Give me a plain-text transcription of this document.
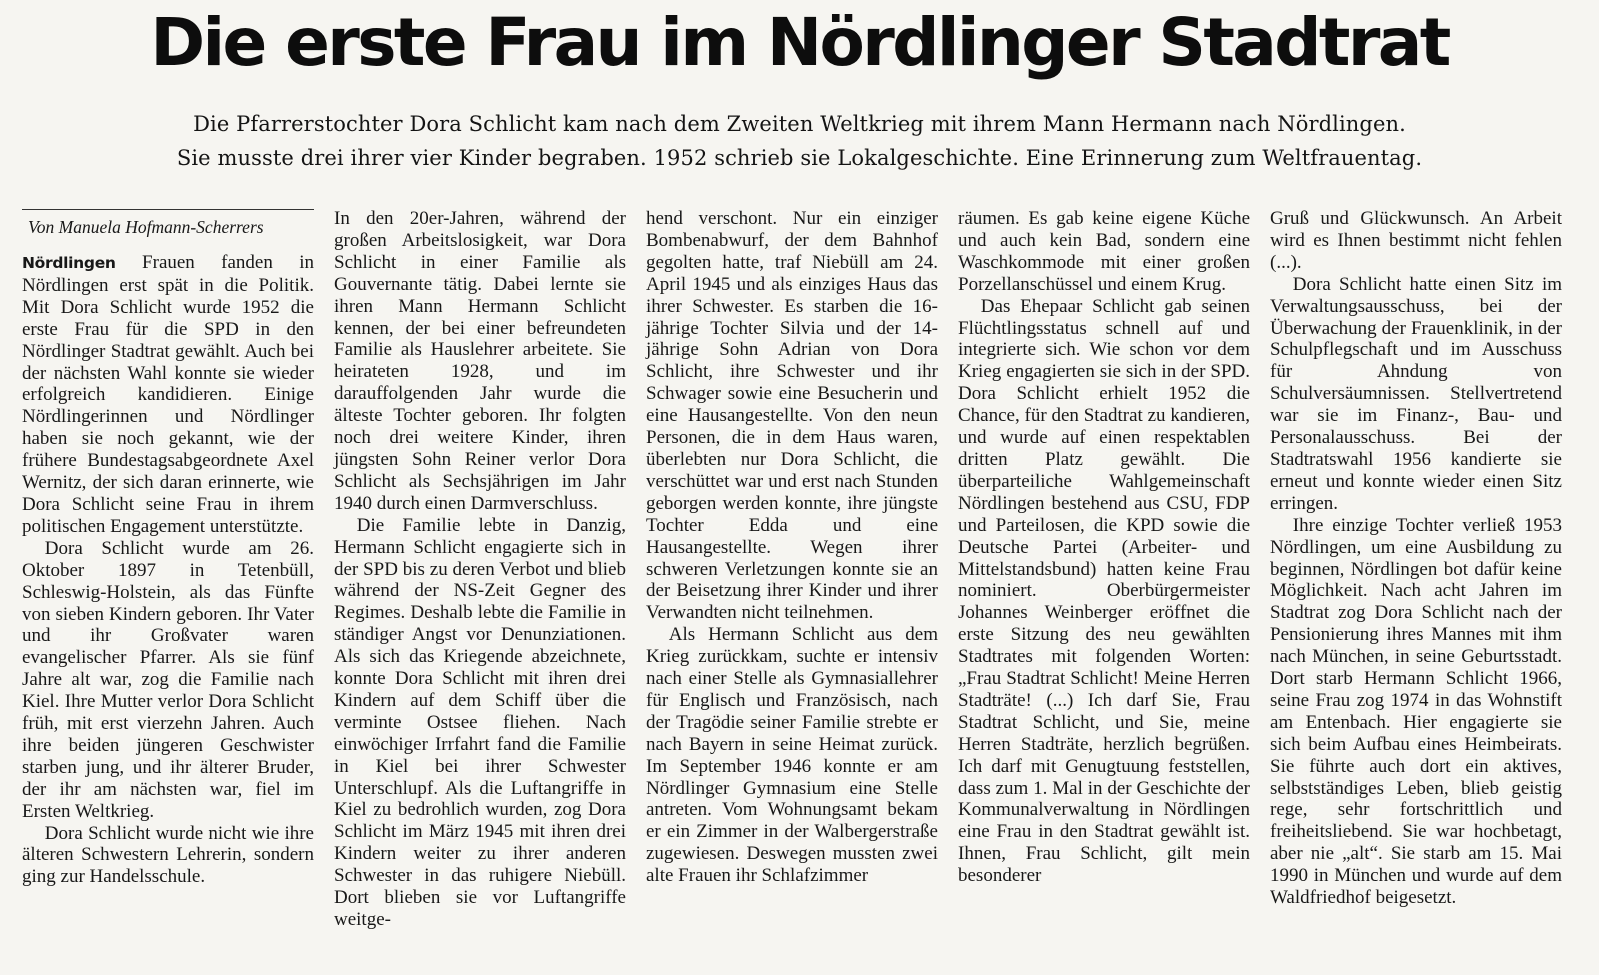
Die erste Frau im Nördlinger Stadtrat

Die Pfarrerstochter Dora Schlicht kam nach dem Zweiten Weltkrieg mit ihrem Mann Hermann nach Nördlingen.

Sie musste drei ihrer vier Kinder begraben. 1952 schrieb sie Lokalgeschichte. Eine Erinnerung zum Weltfrauentag.

Von Manuela Hofmann-Scherrers

Nördlingen Frauen fanden in Nördlingen erst spät in die Politik. Mit Dora Schlicht wurde 1952 die erste Frau für die SPD in den Nördlinger Stadtrat gewählt. Auch bei der nächsten Wahl konnte sie wieder erfolgreich kandidieren. Einige Nördlingerinnen und Nördlinger haben sie noch gekannt, wie der frühere Bundestagsabgeordnete Axel Wernitz, der sich daran erinnerte, wie Dora Schlicht seine Frau in ihrem politischen Engagement unterstützte.

Dora Schlicht wurde am 26. Oktober 1897 in Tetenbüll, Schleswig-Holstein, als das Fünfte von sieben Kindern geboren. Ihr Vater und ihr Großvater waren evangelischer Pfarrer. Als sie fünf Jahre alt war, zog die Familie nach Kiel. Ihre Mutter verlor Dora Schlicht früh, mit erst vierzehn Jahren. Auch ihre beiden jüngeren Geschwister starben jung, und ihr älterer Bruder, der ihr am nächsten war, fiel im Ersten Weltkrieg.

Dora Schlicht wurde nicht wie ihre älteren Schwestern Lehrerin, sondern ging zur Handelsschule.

In den 20er-Jahren, während der großen Arbeitslosigkeit, war Dora Schlicht in einer Familie als Gouvernante tätig. Dabei lernte sie ihren Mann Hermann Schlicht kennen, der bei einer befreundeten Familie als Hauslehrer arbeitete. Sie heirateten 1928, und im darauffolgenden Jahr wurde die älteste Tochter geboren. Ihr folgten noch drei weitere Kinder, ihren jüngsten Sohn Reiner verlor Dora Schlicht als Sechsjährigen im Jahr 1940 durch einen Darmverschluss.

Die Familie lebte in Danzig, Hermann Schlicht engagierte sich in der SPD bis zu deren Verbot und blieb während der NS-Zeit Gegner des Regimes. Deshalb lebte die Familie in ständiger Angst vor Denunziationen. Als sich das Kriegende abzeichnete, konnte Dora Schlicht mit ihren drei Kindern auf dem Schiff über die verminte Ostsee fliehen. Nach einwöchiger Irrfahrt fand die Familie in Kiel bei ihrer Schwester Unterschlupf. Als die Luftangriffe in Kiel zu bedrohlich wurden, zog Dora Schlicht im März 1945 mit ihren drei Kindern weiter zu ihrer anderen Schwester in das ruhigere Niebüll. Dort blieben sie vor Luftangriffe weitge-

hend verschont. Nur ein einziger Bombenabwurf, der dem Bahnhof gegolten hatte, traf Niebüll am 24. April 1945 und als einziges Haus das ihrer Schwester. Es starben die 16-jährige Tochter Silvia und der 14-jährige Sohn Adrian von Dora Schlicht, ihre Schwester und ihr Schwager sowie eine Besucherin und eine Hausangestellte. Von den neun Personen, die in dem Haus waren, überlebten nur Dora Schlicht, die verschüttet war und erst nach Stunden geborgen werden konnte, ihre jüngste Tochter Edda und eine Hausangestellte. Wegen ihrer schweren Verletzungen konnte sie an der Beisetzung ihrer Kinder und ihrer Verwandten nicht teilnehmen.

Als Hermann Schlicht aus dem Krieg zurückkam, suchte er intensiv nach einer Stelle als Gymnasiallehrer für Englisch und Französisch, nach der Tragödie seiner Familie strebte er nach Bayern in seine Heimat zurück. Im September 1946 konnte er am Nördlinger Gymnasium eine Stelle antreten. Vom Wohnungsamt bekam er ein Zimmer in der Walbergerstraße zugewiesen. Deswegen mussten zwei alte Frauen ihr Schlafzimmer

räumen. Es gab keine eigene Küche und auch kein Bad, sondern eine Waschkommode mit einer großen Porzellanschüssel und einem Krug.

Das Ehepaar Schlicht gab seinen Flüchtlingsstatus schnell auf und integrierte sich. Wie schon vor dem Krieg engagierten sie sich in der SPD. Dora Schlicht erhielt 1952 die Chance, für den Stadtrat zu kandieren, und wurde auf einen respektablen dritten Platz gewählt. Die überparteiliche Wahlgemeinschaft Nördlingen bestehend aus CSU, FDP und Parteilosen, die KPD sowie die Deutsche Partei (Arbeiter- und Mittelstandsbund) hatten keine Frau nominiert. Oberbürgermeister Johannes Weinberger eröffnet die erste Sitzung des neu gewählten Stadtrates mit folgenden Worten: „Frau Stadtrat Schlicht! Meine Herren Stadträte! (...) Ich darf Sie, Frau Stadtrat Schlicht, und Sie, meine Herren Stadträte, herzlich begrüßen. Ich darf mit Genugtuung feststellen, dass zum 1. Mal in der Geschichte der Kommunalverwaltung in Nördlingen eine Frau in den Stadtrat gewählt ist. Ihnen, Frau Schlicht, gilt mein besonderer

Gruß und Glückwunsch. An Arbeit wird es Ihnen bestimmt nicht fehlen (...).

Dora Schlicht hatte einen Sitz im Verwaltungsausschuss, bei der Überwachung der Frauenklinik, in der Schulpflegschaft und im Ausschuss für Ahndung von Schulversäumnissen. Stellvertretend war sie im Finanz-, Bau- und Personalausschuss. Bei der Stadtratswahl 1956 kandierte sie erneut und konnte wieder einen Sitz erringen.

Ihre einzige Tochter verließ 1953 Nördlingen, um eine Ausbildung zu beginnen, Nördlingen bot dafür keine Möglichkeit. Nach acht Jahren im Stadtrat zog Dora Schlicht nach der Pensionierung ihres Mannes mit ihm nach München, in seine Geburtsstadt. Dort starb Hermann Schlicht 1966, seine Frau zog 1974 in das Wohnstift am Entenbach. Hier engagierte sie sich beim Aufbau eines Heimbeirats. Sie führte auch dort ein aktives, selbstständiges Leben, blieb geistig rege, sehr fortschrittlich und freiheitsliebend. Sie war hochbetagt, aber nie „alt“. Sie starb am 15. Mai 1990 in München und wurde auf dem Waldfriedhof beigesetzt.
